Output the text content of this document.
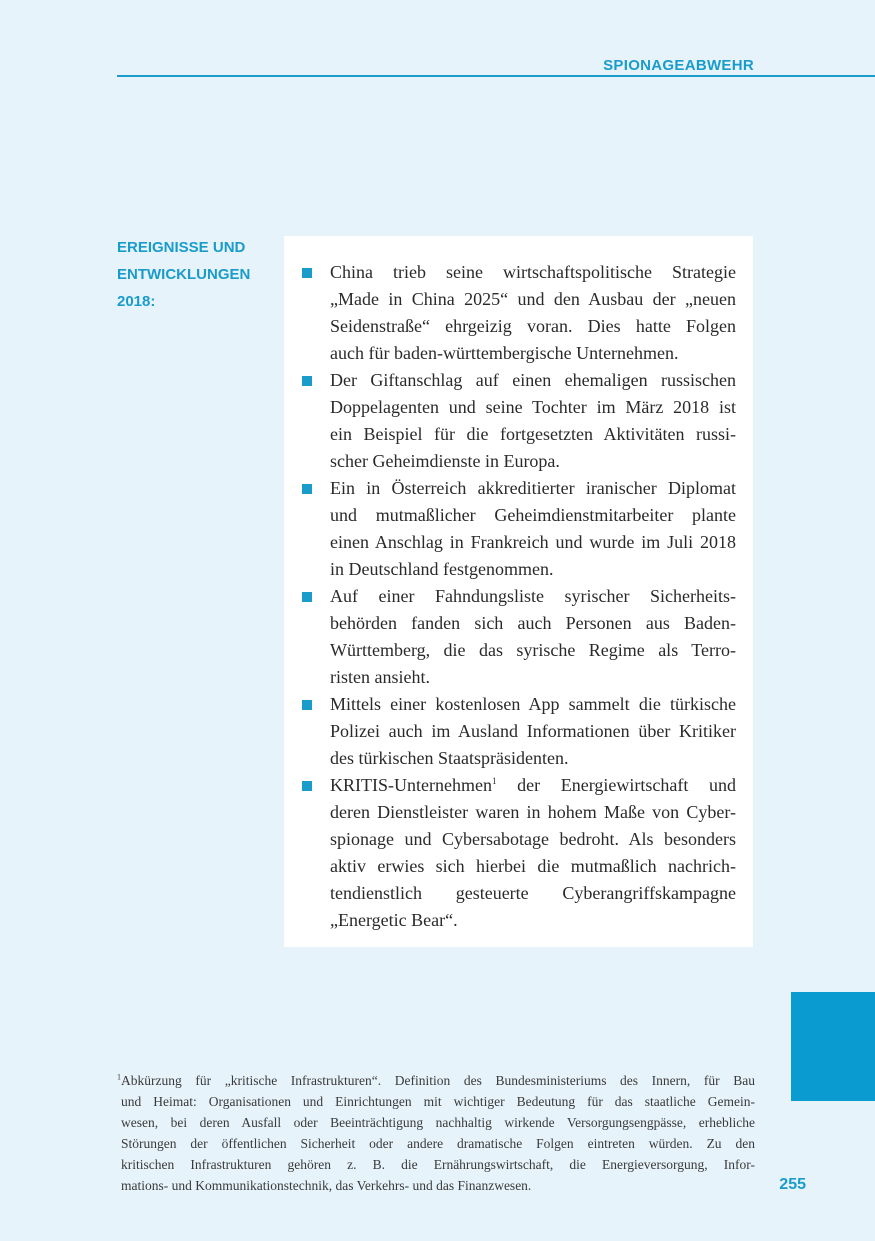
SPIONAGEABWEHR
EREIGNISSE UND
ENTWICKLUNGEN
2018:
China trieb seine wirtschaftspolitische Strategie
„Made in China 2025“ und den Ausbau der „neuen
Seidenstraße“ ehrgeizig voran. Dies hatte Folgen
auch für baden-württembergische Unternehmen.
Der Giftanschlag auf einen ehemaligen russischen
Doppelagenten und seine Tochter im März 2018 ist
ein Beispiel für die fortgesetzten Aktivitäten russi-
scher Geheimdienste in Europa.
Ein in Österreich akkreditierter iranischer Diplomat
und mutmaßlicher Geheimdienstmitarbeiter plante
einen Anschlag in Frankreich und wurde im Juli 2018
in Deutschland festgenommen.
Auf einer Fahndungsliste syrischer Sicherheits-
behörden fanden sich auch Personen aus Baden-
Württemberg, die das syrische Regime als Terro-
risten ansieht.
Mittels einer kostenlosen App sammelt die türkische
Polizei auch im Ausland Informationen über Kritiker
des türkischen Staatspräsidenten.
KRITIS-Unternehmen$^1$ der Energiewirtschaft und
deren Dienstleister waren in hohem Maße von Cyber-
spionage und Cybersabotage bedroht. Als besonders
aktiv erwies sich hierbei die mutmaßlich nachrich-
tendienstlich gesteuerte Cyberangriffskampagne
„Energetic Bear“.
$^1$Abkürzung für „kritische Infrastrukturen“. Definition des Bundesministeriums des Innern, für Bau
und Heimat: Organisationen und Einrichtungen mit wichtiger Bedeutung für das staatliche Gemein-
wesen, bei deren Ausfall oder Beeinträchtigung nachhaltig wirkende Versorgungsengpässe, erhebliche
Störungen der öffentlichen Sicherheit oder andere dramatische Folgen eintreten würden. Zu den
kritischen Infrastrukturen gehören z. B. die Ernährungswirtschaft, die Energieversorgung, Infor-
mations- und Kommunikationstechnik, das Verkehrs- und das Finanzwesen.	255
